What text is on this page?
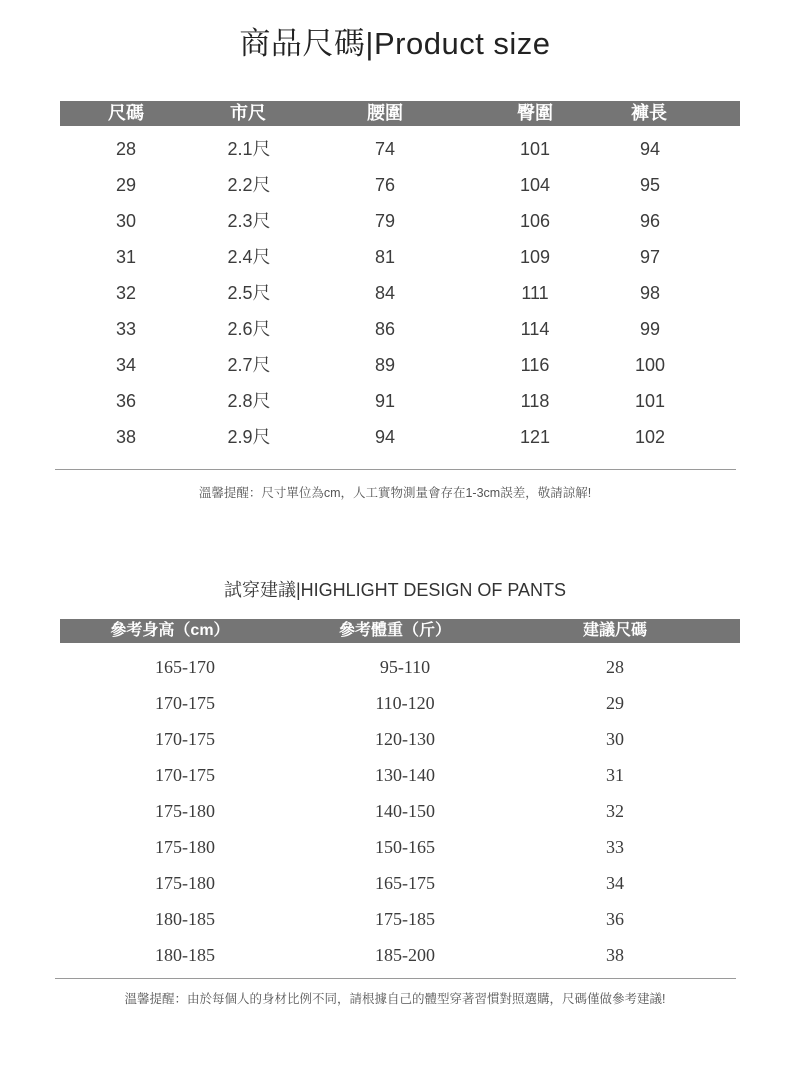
商品尺碼|Product size
尺碼	市尺	腰圍	臀圍	褲長
28	2.1尺	74	101	94
29	2.2尺	76	104	95
30	2.3尺	79	106	96
31	2.4尺	81	109	97
32	2.5尺	84	111	98
33	2.6尺	86	114	99
34	2.7尺	89	116	100
36	2.8尺	91	118	101
38	2.9尺	94	121	102
溫馨提醒：尺寸單位為cm，人工實物測量會存在1-3cm誤差，敬請諒解!
試穿建議|HIGHLIGHT DESIGN OF PANTS
參考身高（cm）	參考體重（斤）	建議尺碼
165-170	95-110	28
170-175	110-120	29
170-175	120-130	30
170-175	130-140	31
175-180	140-150	32
175-180	150-165	33
175-180	165-175	34
180-185	175-185	36
180-185	185-200	38
溫馨提醒：由於每個人的身材比例不同，請根據自己的體型穿著習慣對照選購，尺碼僅做參考建議!
